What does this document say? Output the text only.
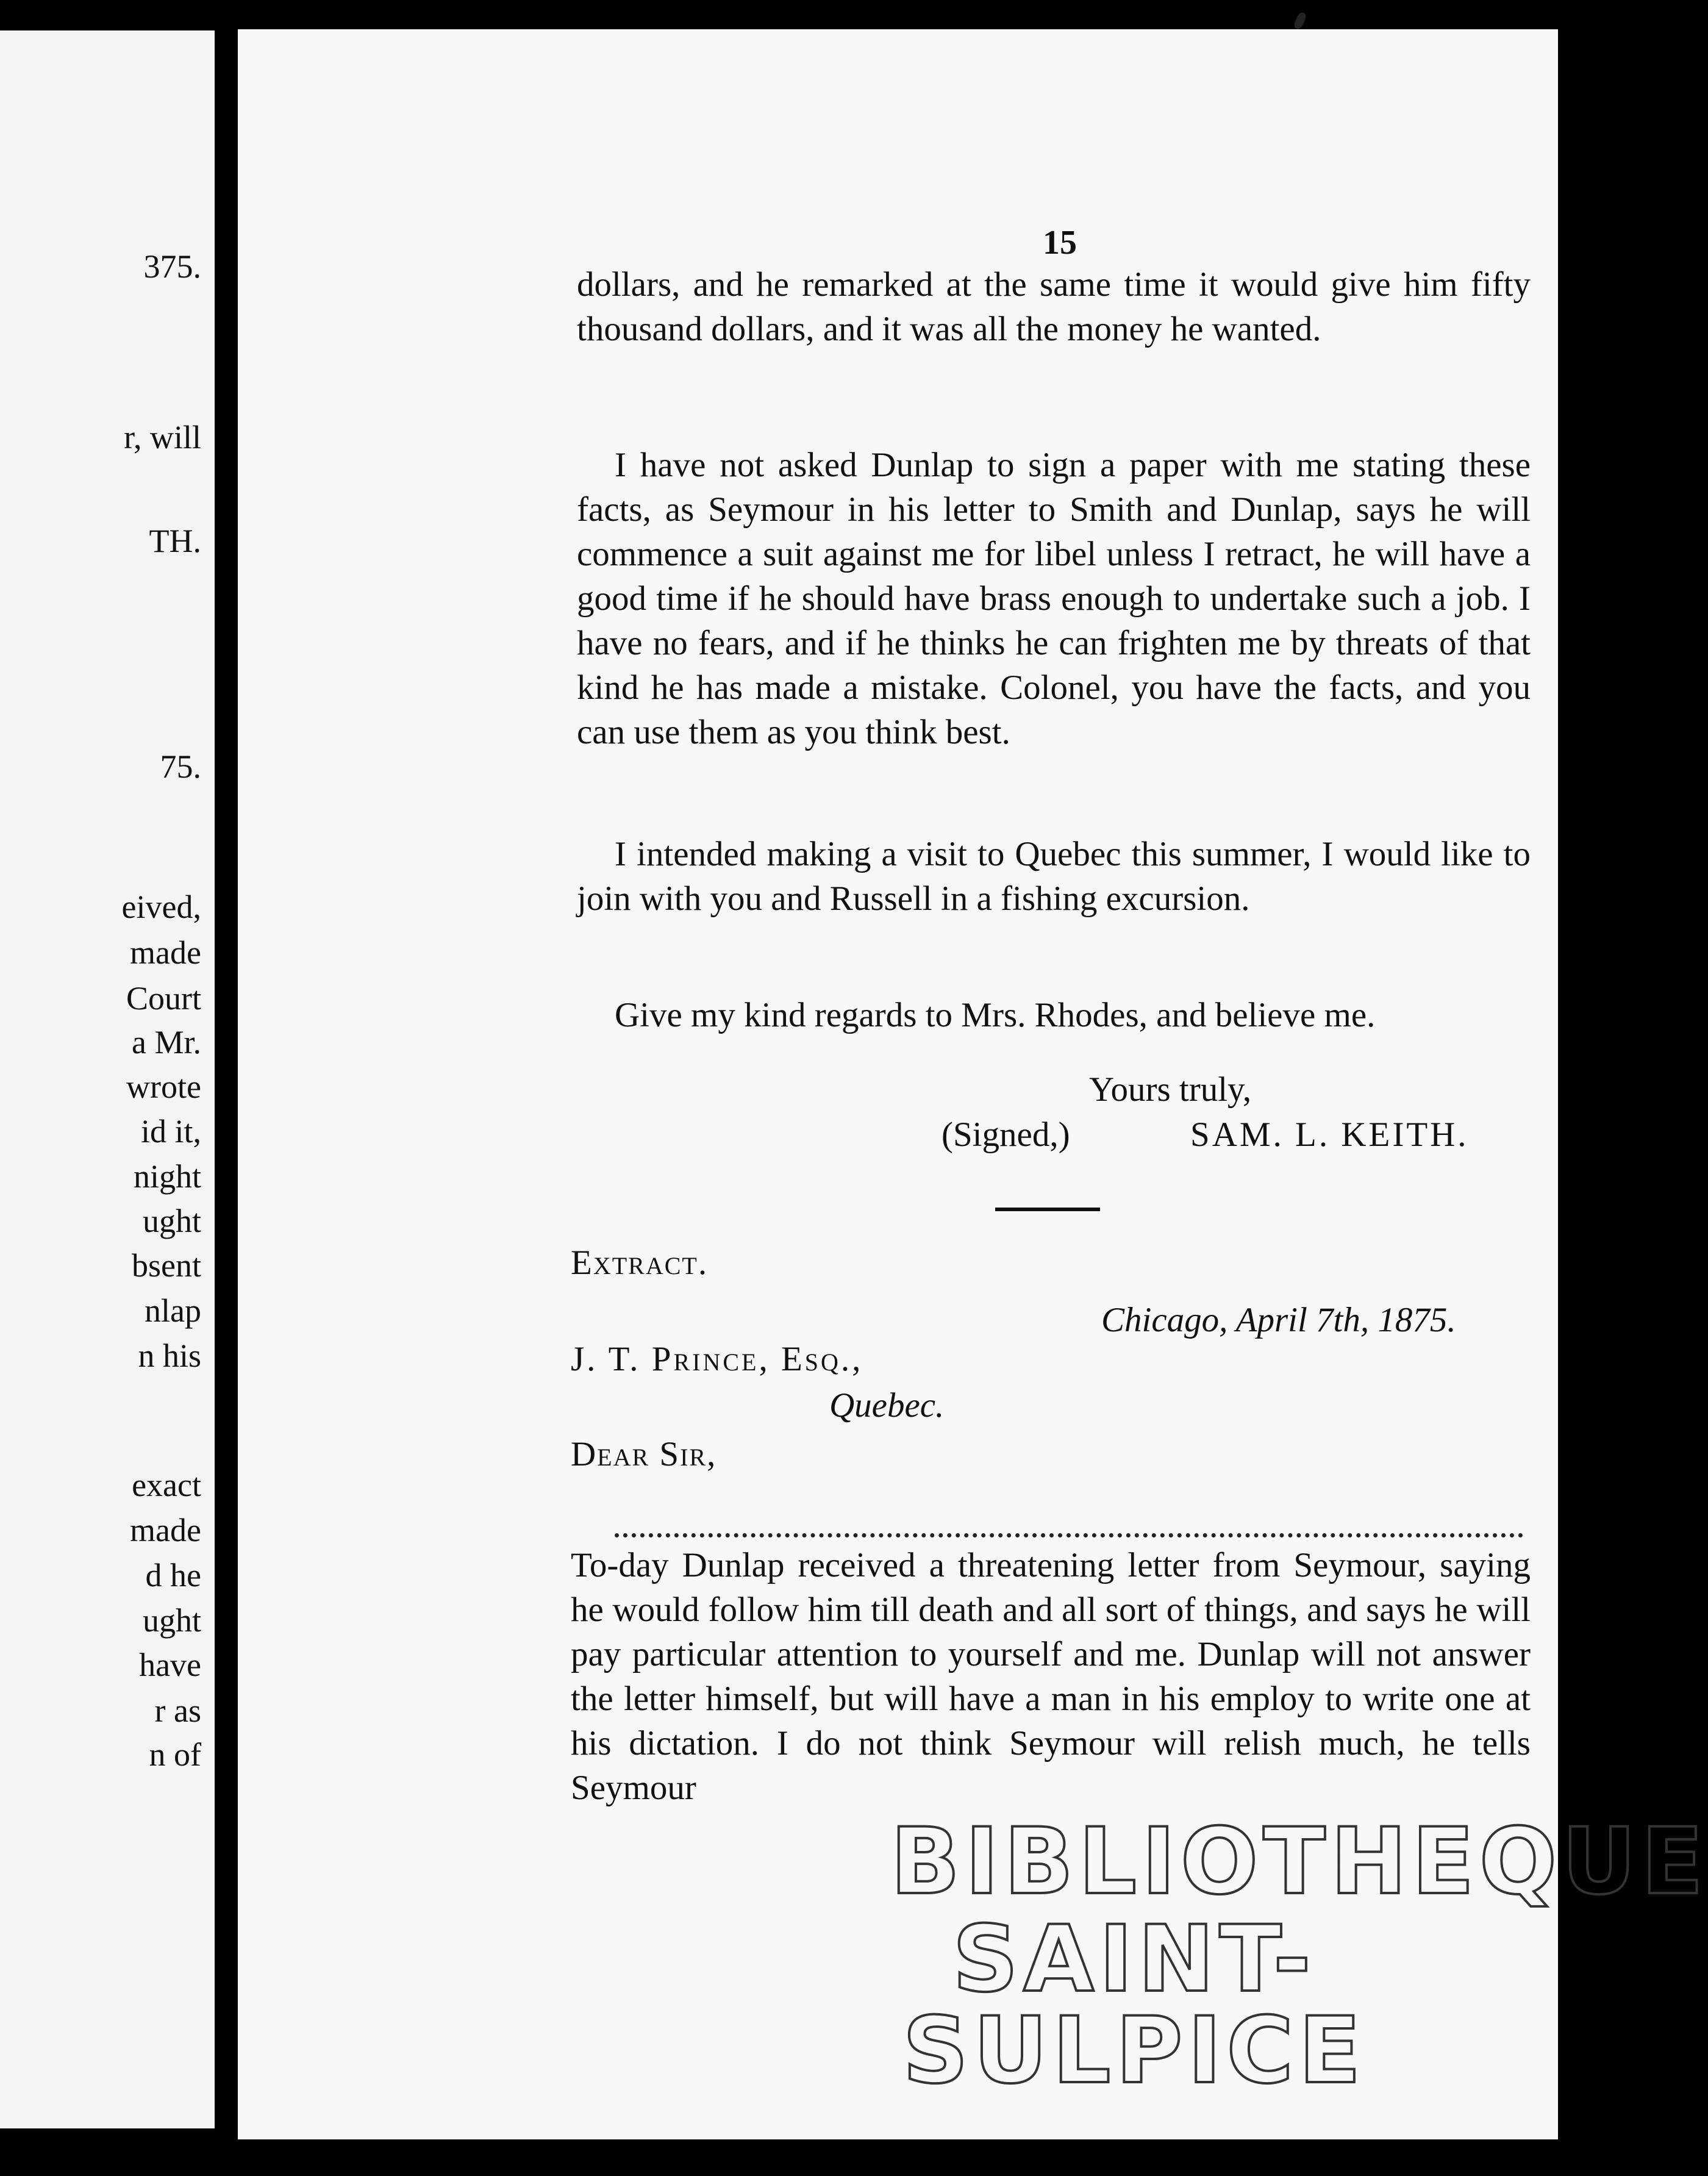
375.
r, will
TH.
75.
eived,
made
Court
a Mr.
wrote
id it,
night
ught
bsent
nlap
n his
exact
made
d he
ught
have
r as
n of
15

dollars, and he remarked at the same time it would give him fifty thousand dollars, and it was all the money he wanted.

I have not asked Dunlap to sign a paper with me stating these facts, as Seymour in his letter to Smith and Dunlap, says he will commence a suit against me for libel unless I retract, he will have a good time if he should have brass enough to undertake such a job. I have no fears, and if he thinks he can frighten me by threats of that kind he has made a mistake. Colonel, you have the facts, and you can use them as you think best.

I intended making a visit to Quebec this summer, I would like to join with you and Russell in a fishing excursion.

Give my kind regards to Mrs. Rhodes, and believe me.

Yours truly,
(Signed,)	SAM. L. KEITH.
Extract.
Chicago, April 7th, 1875.
J. T. Prince, Esq.,
Quebec.
Dear Sir,

To-day Dunlap received a threatening letter from Seymour, saying he would follow him till death and all sort of things, and says he will pay particular attention to yourself and me. Dunlap will not answer the letter himself, but will have a man in his employ to write one at his dictation. I do not think Seymour will relish much, he tells Seymour

BIBLIOTHEQUE
SAINT-SULPICE
